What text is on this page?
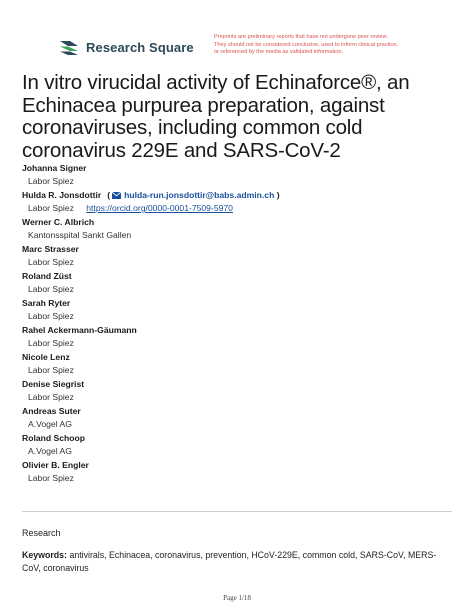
Research Square
Preprints are preliminary reports that have not undergone peer review.
They should not be considered conclusive, used to inform clinical practice,
or referenced by the media as validated information.
In vitro virucidal activity of Echinaforce®, an Echinacea purpurea preparation, against coronaviruses, including common cold coronavirus 229E and SARS-CoV-2
Johanna Signer
Labor Spiez
Hulda R. Jonsdottir ( hulda-run.jonsdottir@babs.admin.ch )
Labor Spiez https://orcid.org/0000-0001-7509-5970
Werner C. Albrich
Kantonsspital Sankt Gallen
Marc Strasser
Labor Spiez
Roland Züst
Labor Spiez
Sarah Ryter
Labor Spiez
Rahel Ackermann-Gäumann
Labor Spiez
Nicole Lenz
Labor Spiez
Denise Siegrist
Labor Spiez
Andreas Suter
A.Vogel AG
Roland Schoop
A.Vogel AG
Olivier B. Engler
Labor Spiez
Research
Keywords: antivirals, Echinacea, coronavirus, prevention, HCoV-229E, common cold, SARS-CoV, MERS-CoV, coronavirus
Page 1/18
